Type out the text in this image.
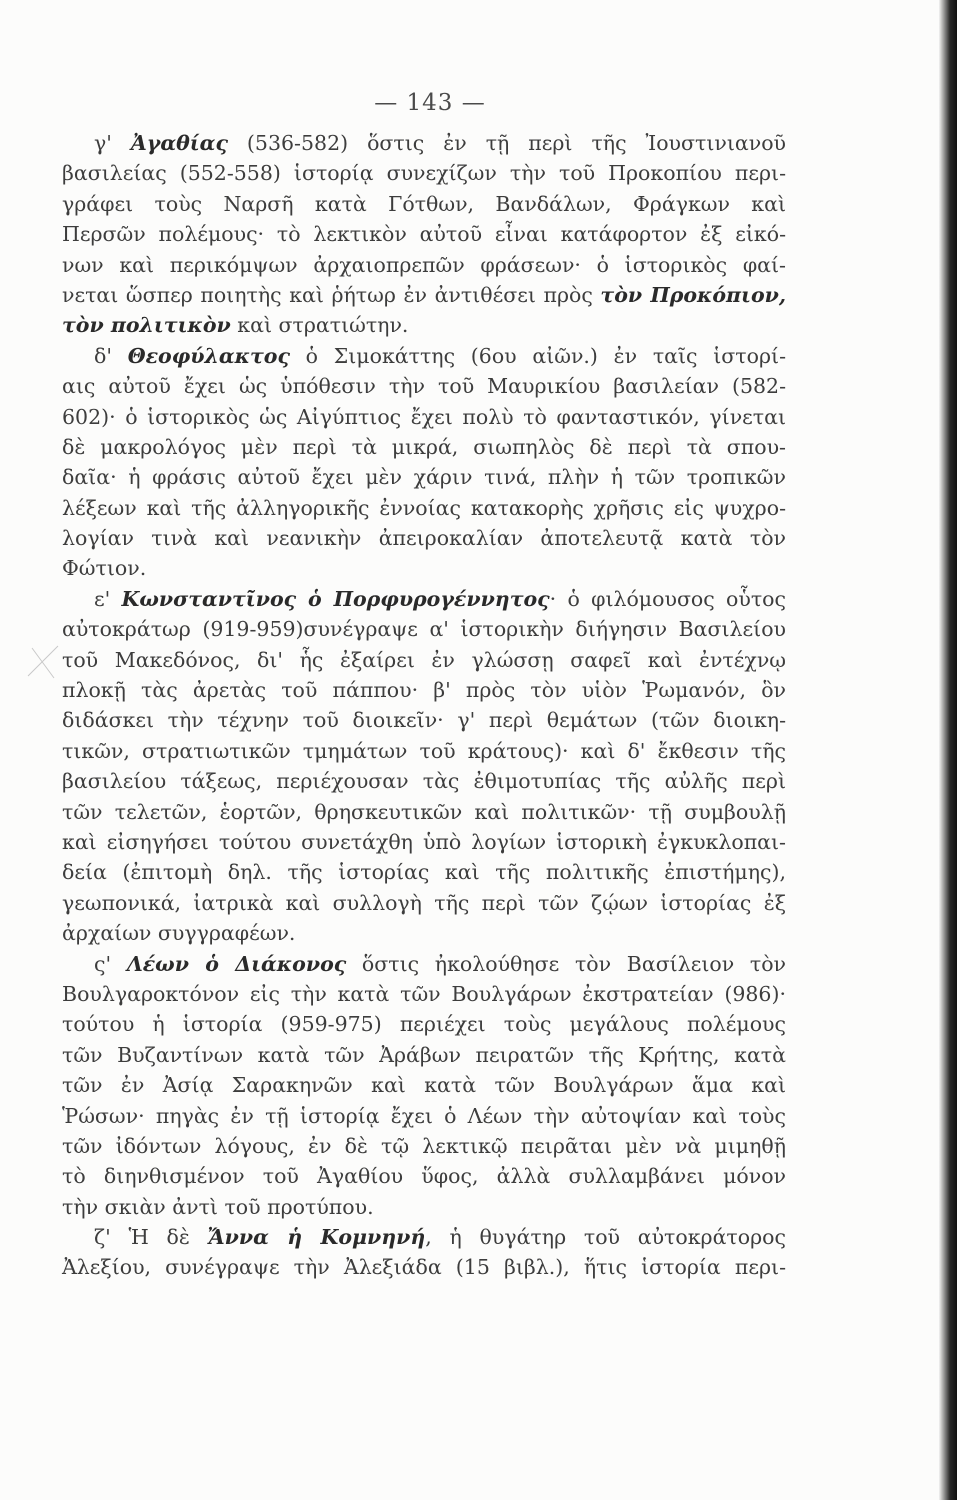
— 143 —
γ' Ἀγαθίας (536-582) ὅστις ἐν τῇ περὶ τῆς Ἰουστινιανοῦ
βασιλείας (552-558) ἱστορίᾳ συνεχίζων τὴν τοῦ Προκοπίου περι-
γράφει τοὺς Ναρσῆ κατὰ Γότθων, Βανδάλων, Φράγκων καὶ
Περσῶν πολέμους· τὸ λεκτικὸν αὐτοῦ εἶναι κατάφορτον ἐξ εἰκό-
νων καὶ περικόμψων ἀρχαιοπρεπῶν φράσεων· ὁ ἱστορικὸς φαί-
νεται ὥσπερ ποιητὴς καὶ ῥήτωρ ἐν ἀντιθέσει πρὸς τὸν Προκόπιον,
τὸν πολιτικὸν καὶ στρατιώτην.
δ' Θεοφύλακτος ὁ Σιμοκάττης (6ου αἰῶν.) ἐν ταῖς ἱστορί-
αις αὐτοῦ ἔχει ὡς ὑπόθεσιν τὴν τοῦ Μαυρικίου βασιλείαν (582-
602)· ὁ ἱστορικὸς ὡς Αἰγύπτιος ἔχει πολὺ τὸ φανταστικόν, γίνεται
δὲ μακρολόγος μὲν περὶ τὰ μικρά, σιωπηλὸς δὲ περὶ τὰ σπου-
δαῖα· ἡ φράσις αὐτοῦ ἔχει μὲν χάριν τινά, πλὴν ἡ τῶν τροπικῶν
λέξεων καὶ τῆς ἀλληγορικῆς ἐννοίας κατακορὴς χρῆσις εἰς ψυχρο-
λογίαν τινὰ καὶ νεανικὴν ἀπειροκαλίαν ἀποτελευτᾷ κατὰ τὸν
Φώτιον.
ε' Κωνσταντῖνος ὁ Πορφυρογέννητος· ὁ φιλόμουσος οὗτος
αὐτοκράτωρ (919-959)συνέγραψε α' ἱστορικὴν διήγησιν Βασιλείου
τοῦ Μακεδόνος, δι' ἧς ἐξαίρει ἐν γλώσσῃ σαφεῖ καὶ ἐντέχνῳ
πλοκῇ τὰς ἀρετὰς τοῦ πάππου· β' πρὸς τὸν υἱὸν Ῥωμανόν, ὃν
διδάσκει τὴν τέχνην τοῦ διοικεῖν· γ' περὶ θεμάτων (τῶν διοικη-
τικῶν, στρατιωτικῶν τμημάτων τοῦ κράτους)· καὶ δ' ἔκθεσιν τῆς
βασιλείου τάξεως, περιέχουσαν τὰς ἐθιμοτυπίας τῆς αὐλῆς περὶ
τῶν τελετῶν, ἑορτῶν, θρησκευτικῶν καὶ πολιτικῶν· τῇ συμβουλῇ
καὶ εἰσηγήσει τούτου συνετάχθη ὑπὸ λογίων ἱστορικὴ ἐγκυκλοπαι-
δεία (ἐπιτομὴ δηλ. τῆς ἱστορίας καὶ τῆς πολιτικῆς ἐπιστήμης),
γεωπονικά, ἰατρικὰ καὶ συλλογὴ τῆς περὶ τῶν ζῴων ἱστορίας ἐξ
ἀρχαίων συγγραφέων.
ς' Λέων ὁ Διάκονος ὅστις ἠκολούθησε τὸν Βασίλειον τὸν
Βουλγαροκτόνον εἰς τὴν κατὰ τῶν Βουλγάρων ἐκστρατείαν (986)·
τούτου ἡ ἱστορία (959-975) περιέχει τοὺς μεγάλους πολέμους
τῶν Βυζαντίνων κατὰ τῶν Ἀράβων πειρατῶν τῆς Κρήτης, κατὰ
τῶν ἐν Ἀσίᾳ Σαρακηνῶν καὶ κατὰ τῶν Βουλγάρων ἅμα καὶ
Ῥώσων· πηγὰς ἐν τῇ ἱστορίᾳ ἔχει ὁ Λέων τὴν αὐτοψίαν καὶ τοὺς
τῶν ἰδόντων λόγους, ἐν δὲ τῷ λεκτικῷ πειρᾶται μὲν νὰ μιμηθῇ
τὸ διηνθισμένον τοῦ Ἀγαθίου ὕφος, ἀλλὰ συλλαμβάνει μόνον
τὴν σκιὰν ἀντὶ τοῦ προτύπου.
ζ' Ἡ δὲ Ἄννα ἡ Κομνηνή, ἡ θυγάτηρ τοῦ αὐτοκράτορος
Ἀλεξίου, συνέγραψε τὴν Ἀλεξιάδα (15 βιβλ.), ἥτις ἱστορία περι-
